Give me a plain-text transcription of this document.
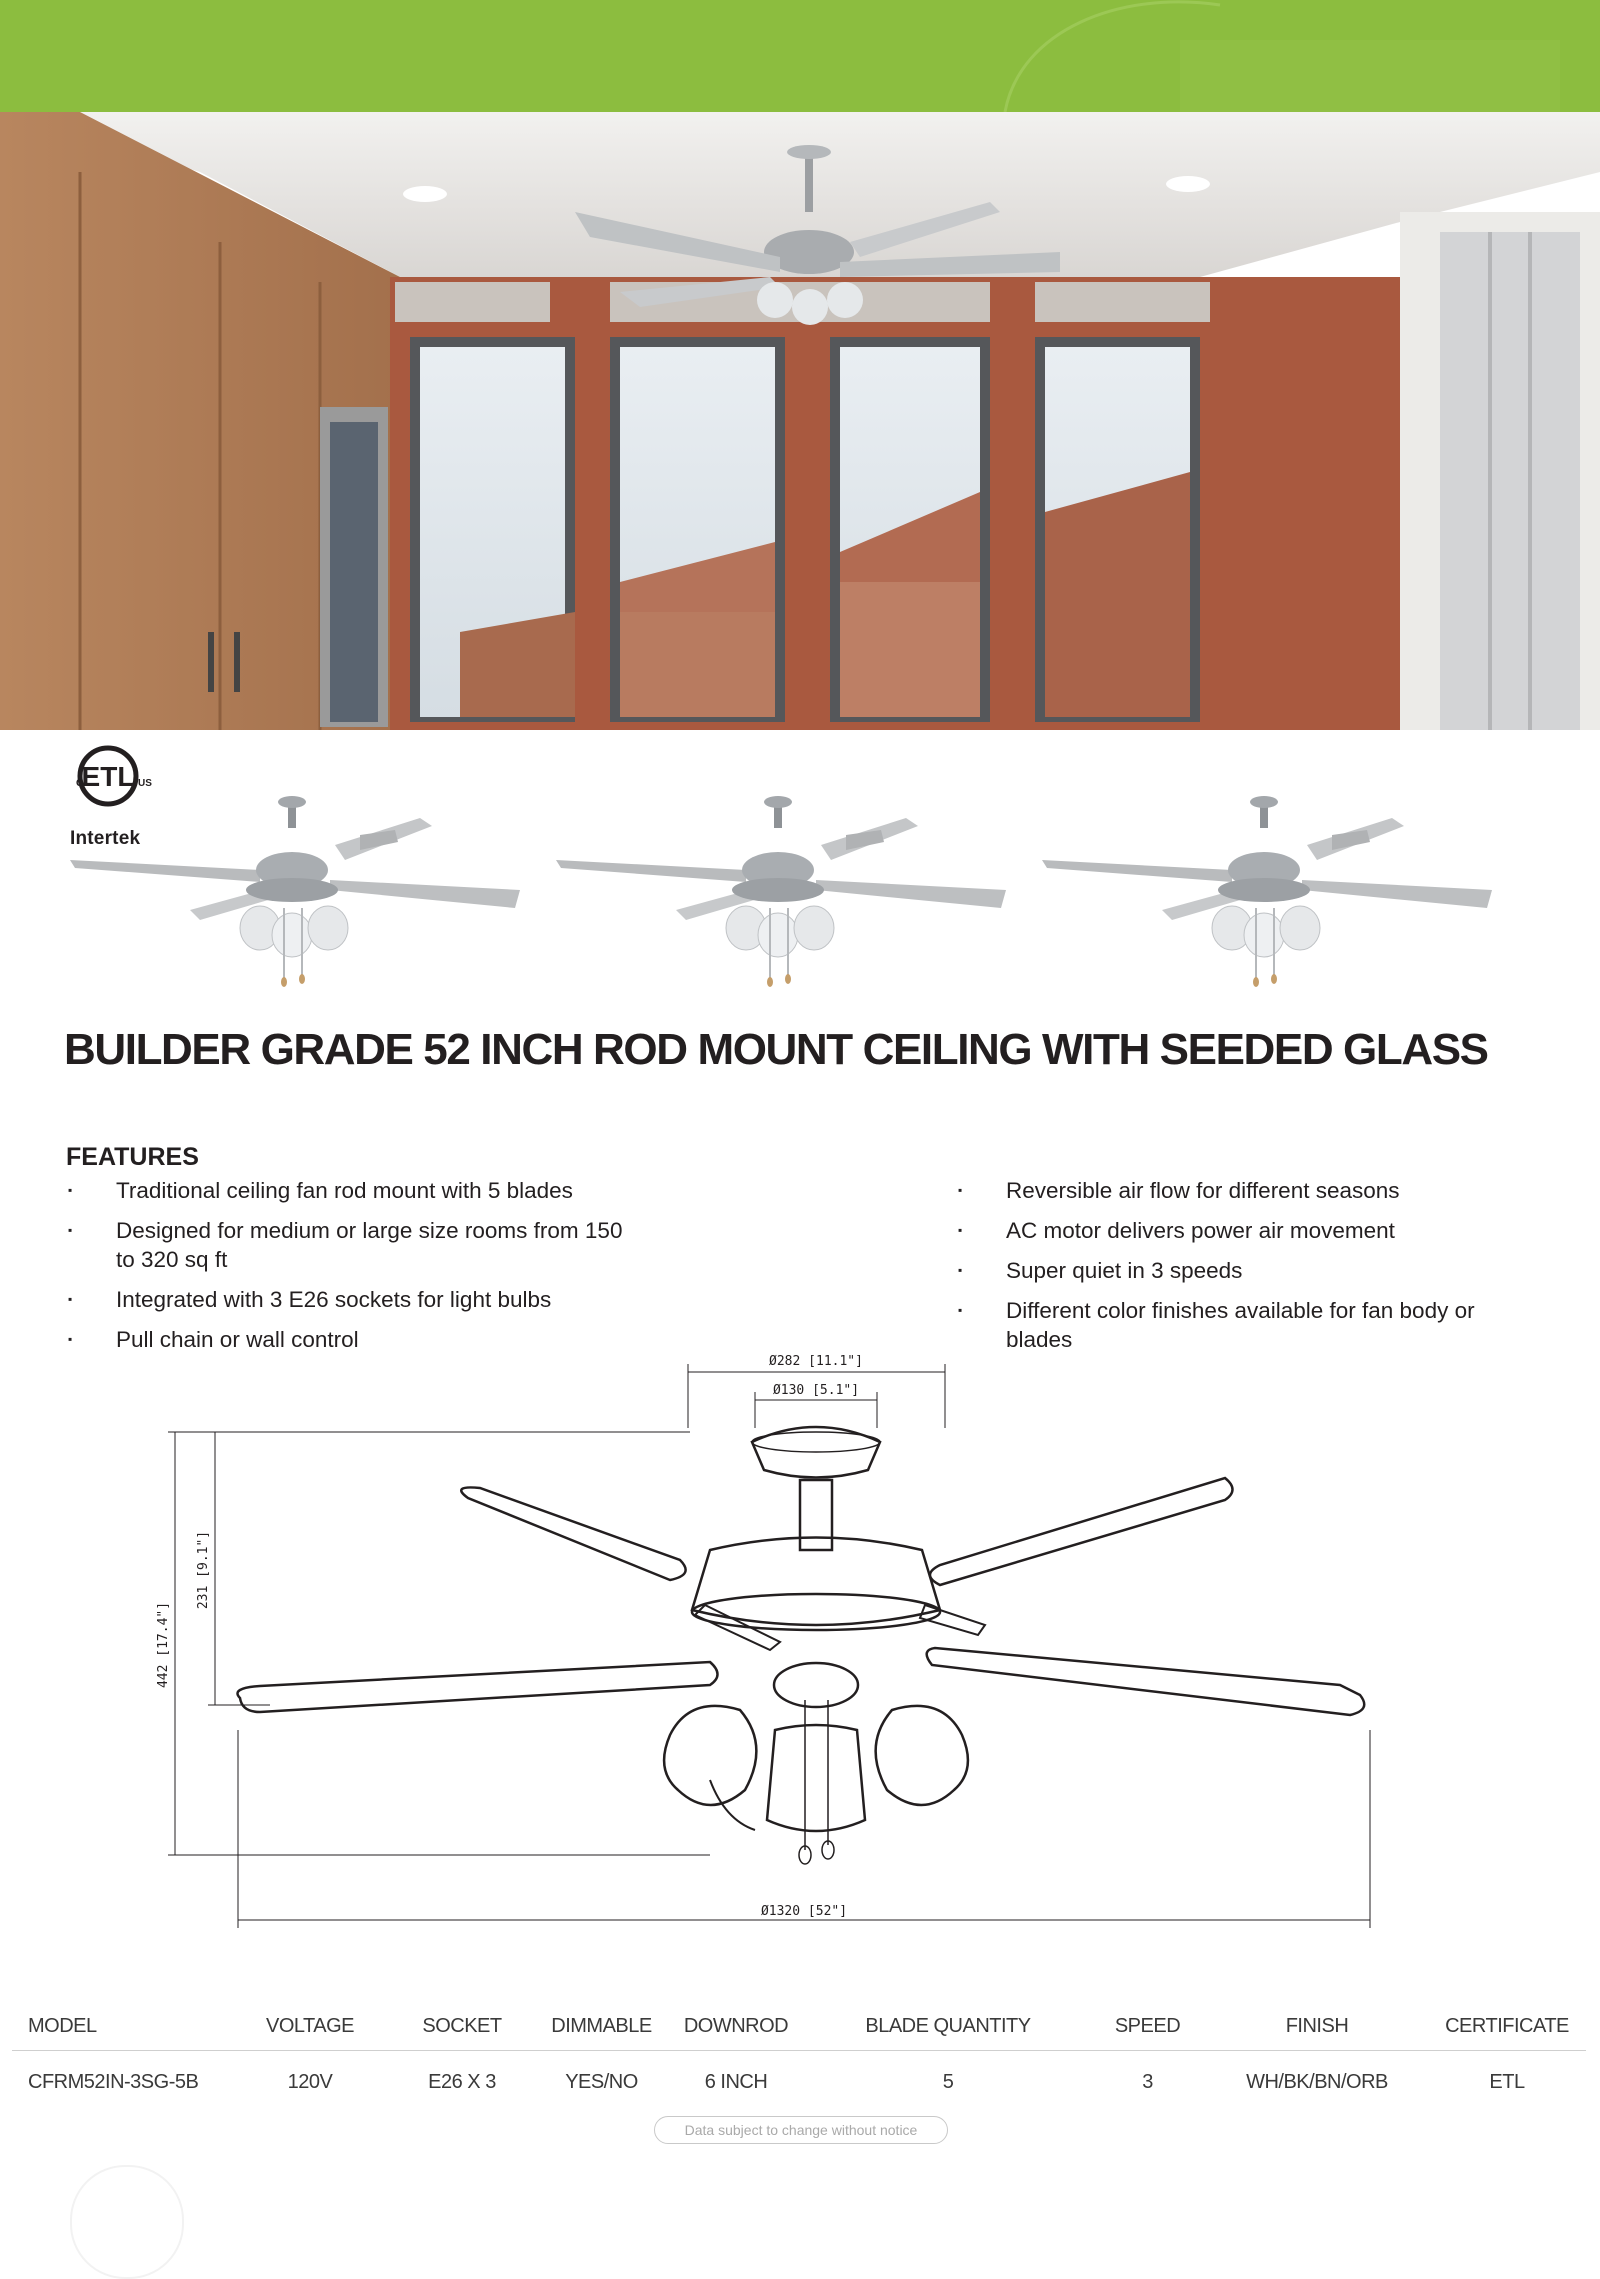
ETL
C	US
Intertek
BUILDER GRADE 52 INCH ROD MOUNT CEILING WITH SEEDED GLASS
FEATURES
▪ Traditional ceiling fan rod mount with 5 blades
▪ Designed for medium or large size rooms from 150 to 320 sq ft
▪ Integrated with 3 E26 sockets for light bulbs
▪ Pull chain or wall control
▪ Reversible air flow for different seasons
▪ AC motor delivers power air movement
▪ Super quiet in 3 speeds
▪ Different color finishes available for fan body or blades
Ø282 [11.1"]
Ø130 [5.1"]
442 [17.4"]
231 [9.1"]
Ø1320 [52"]
MODEL	VOLTAGE	SOCKET	DIMMABLE	DOWNROD	BLADE QUANTITY	SPEED	FINISH	CERTIFICATE
CFRM52IN-3SG-5B	120V	E26 X 3	YES/NO	6 INCH	5	3	WH/BK/BN/ORB	ETL
Data subject to change without notice
